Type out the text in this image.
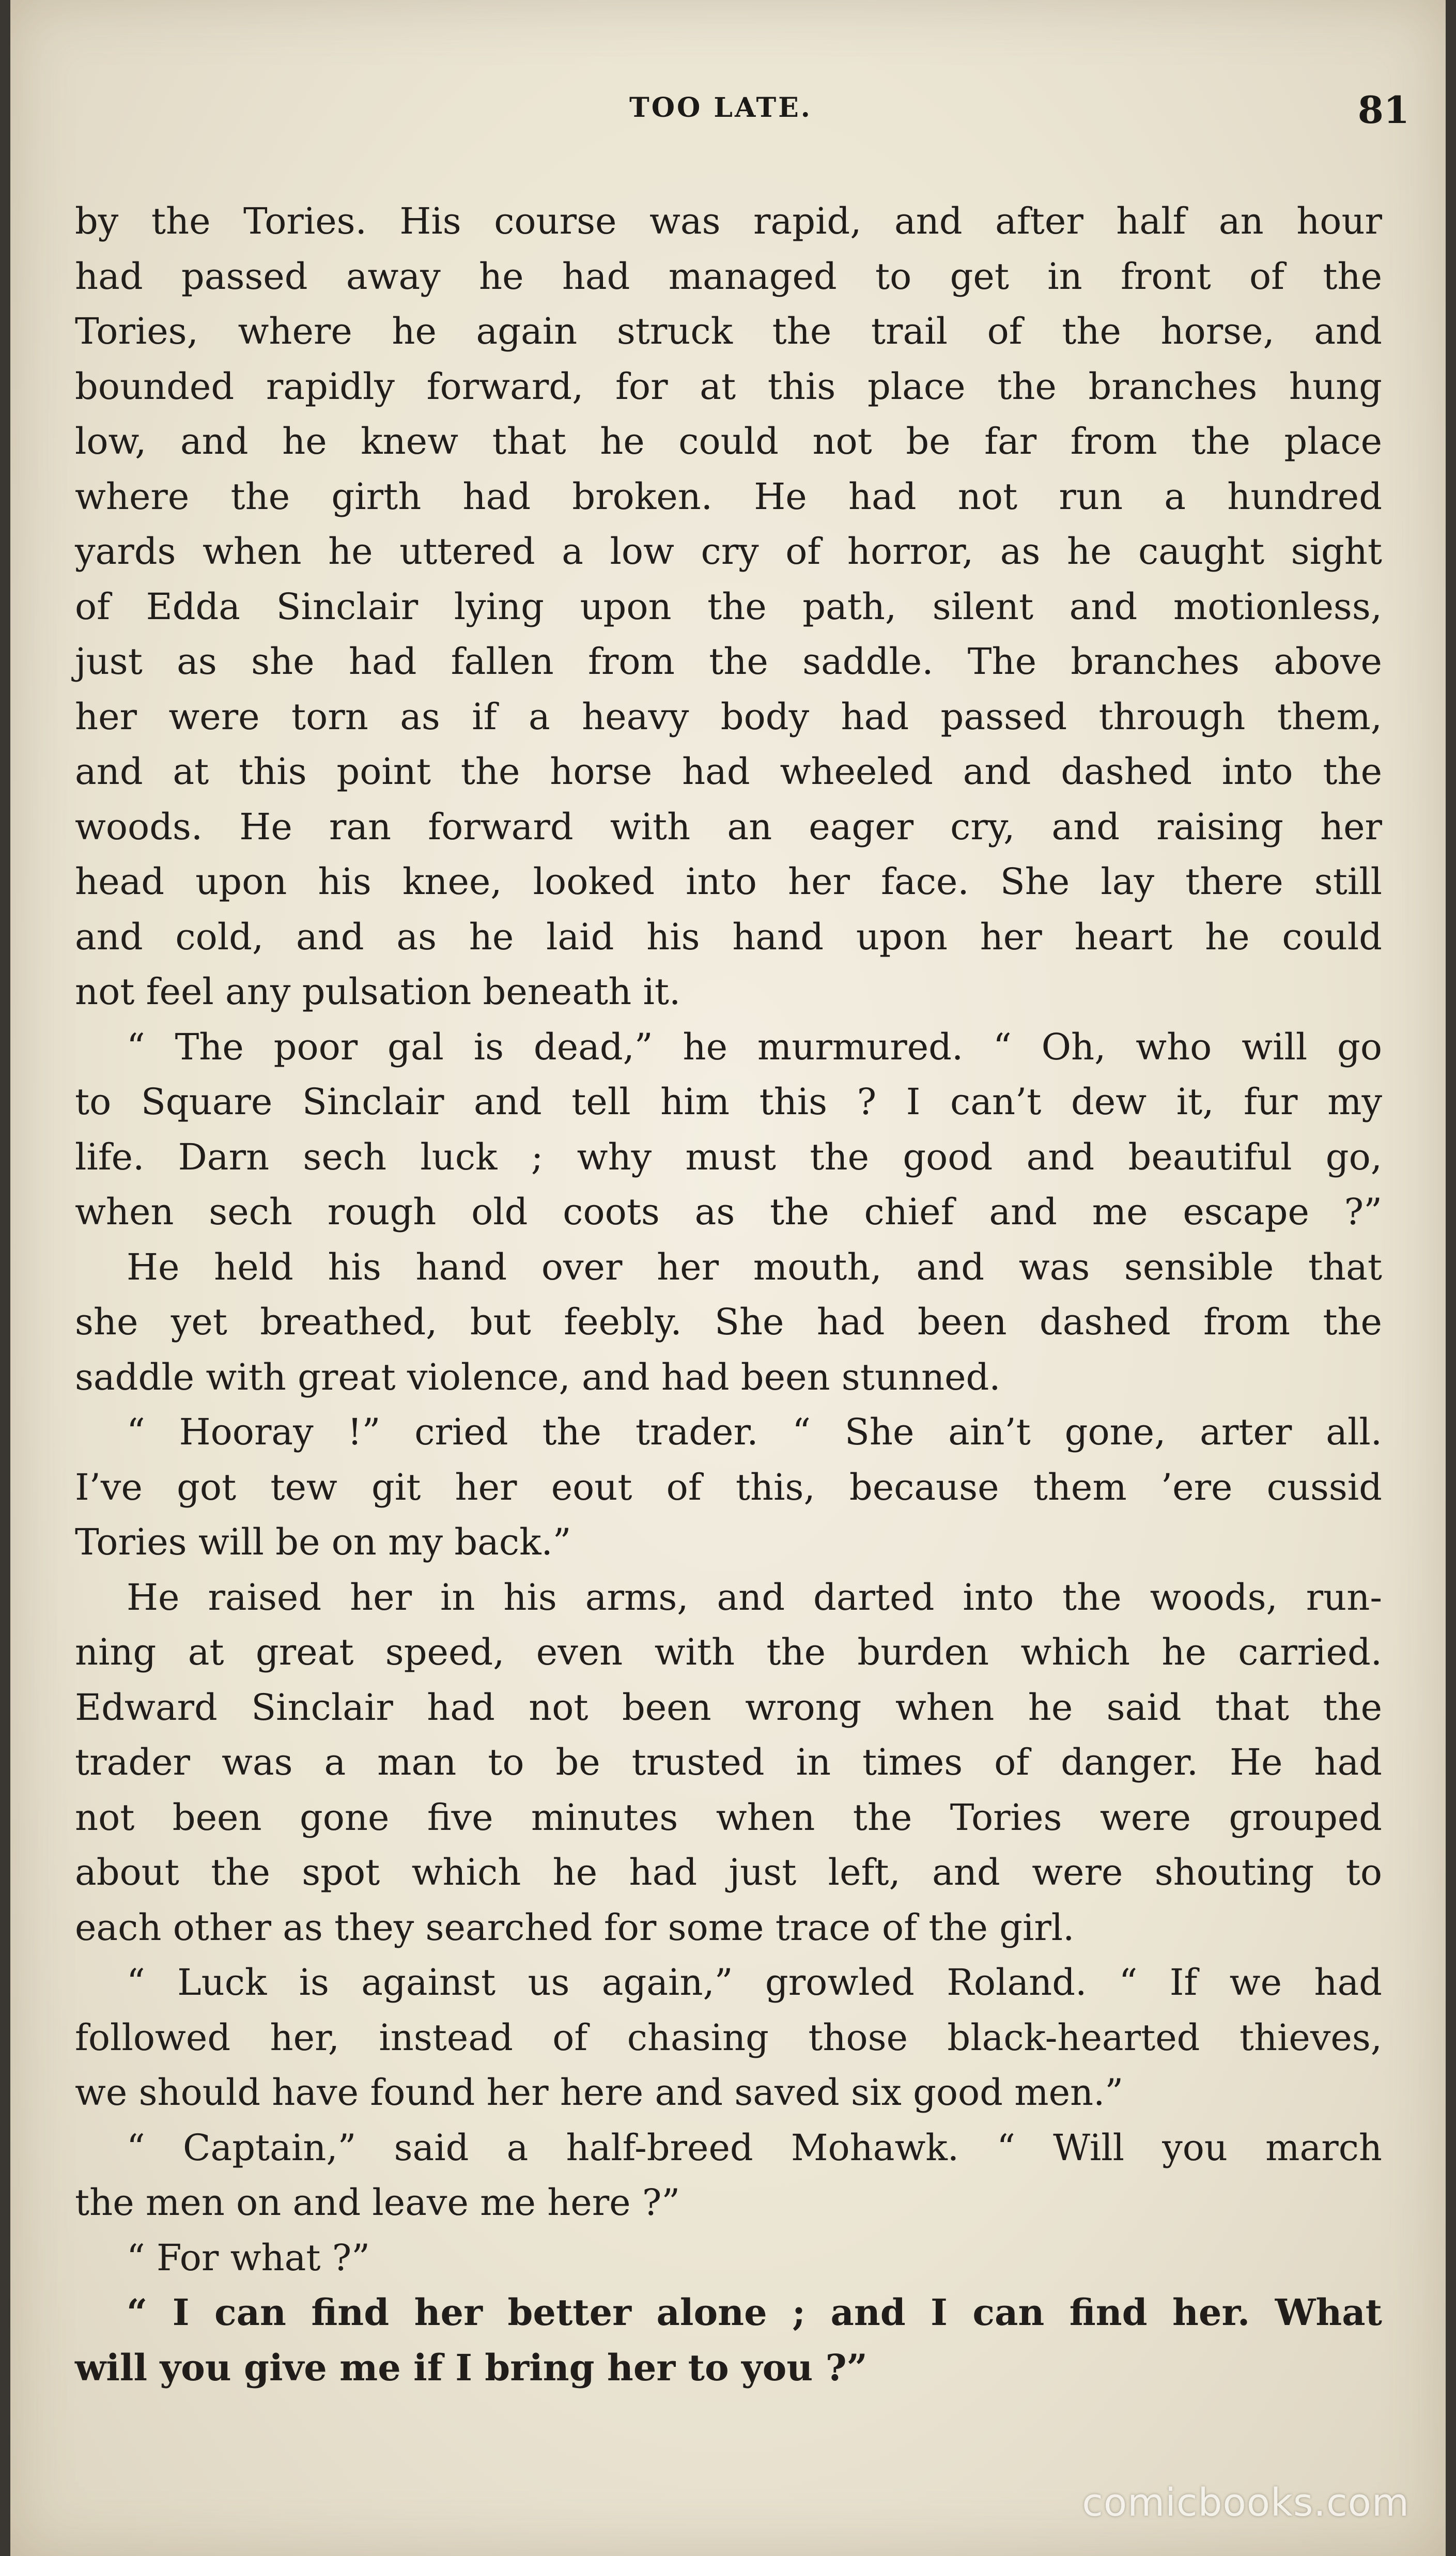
TOO LATE.	81
by the Tories. His course was rapid, and after half an hour
had passed away he had managed to get in front of the
Tories, where he again struck the trail of the horse, and
bounded rapidly forward, for at this place the branches hung
low, and he knew that he could not be far from the place
where the girth had broken. He had not run a hundred
yards when he uttered a low cry of horror, as he caught sight
of Edda Sinclair lying upon the path, silent and motionless,
just as she had fallen from the saddle. The branches above
her were torn as if a heavy body had passed through them,
and at this point the horse had wheeled and dashed into the
woods. He ran forward with an eager cry, and raising her
head upon his knee, looked into her face. She lay there still
and cold, and as he laid his hand upon her heart he could
not feel any pulsation beneath it.
“ The poor gal is dead,” he murmured. “ Oh, who will go
to Square Sinclair and tell him this ? I can’t dew it, fur my
life. Darn sech luck ; why must the good and beautiful go,
when sech rough old coots as the chief and me escape ?”
He held his hand over her mouth, and was sensible that
she yet breathed, but feebly. She had been dashed from the
saddle with great violence, and had been stunned.
“ Hooray !” cried the trader. “ She ain’t gone, arter all.
I’ve got tew git her eout of this, because them ’ere cussid
Tories will be on my back.”
He raised her in his arms, and darted into the woods, run-
ning at great speed, even with the burden which he carried.
Edward Sinclair had not been wrong when he said that the
trader was a man to be trusted in times of danger. He had
not been gone five minutes when the Tories were grouped
about the spot which he had just left, and were shouting to
each other as they searched for some trace of the girl.
“ Luck is against us again,” growled Roland. “ If we had
followed her, instead of chasing those black-hearted thieves,
we should have found her here and saved six good men.”
“ Captain,” said a half-breed Mohawk. “ Will you march
the men on and leave me here ?”
“ For what ?”
“ I can find her better alone ; and I can find her. What
will you give me if I bring her to you ?”
comicbooks.com
